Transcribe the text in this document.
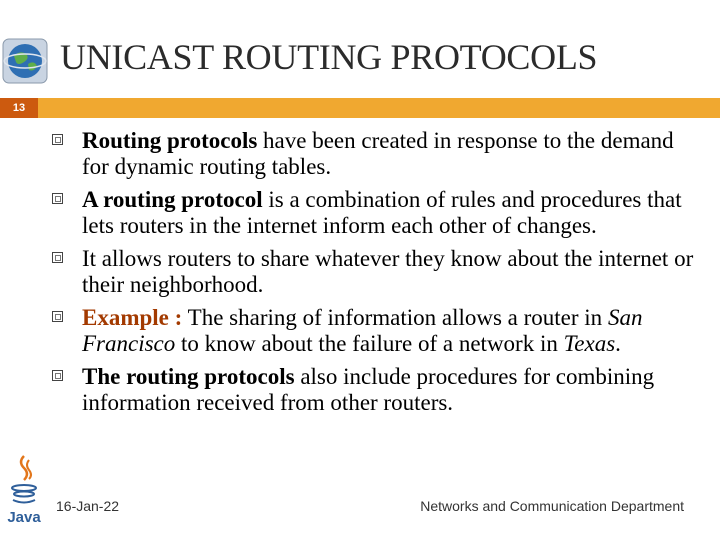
UNICAST ROUTING PROTOCOLS
13
Routing protocols have been created in response to the demand for dynamic routing tables.
A routing protocol is a combination of rules and procedures that lets routers in the internet inform each other of changes.
It allows routers to share whatever they know about the internet or their neighborhood.
Example : The sharing of information allows a router in San Francisco to know about the failure of a network in Texas.
The routing protocols also include procedures for combining information received from other routers.
Java
16-Jan-22	Networks and Communication Department
